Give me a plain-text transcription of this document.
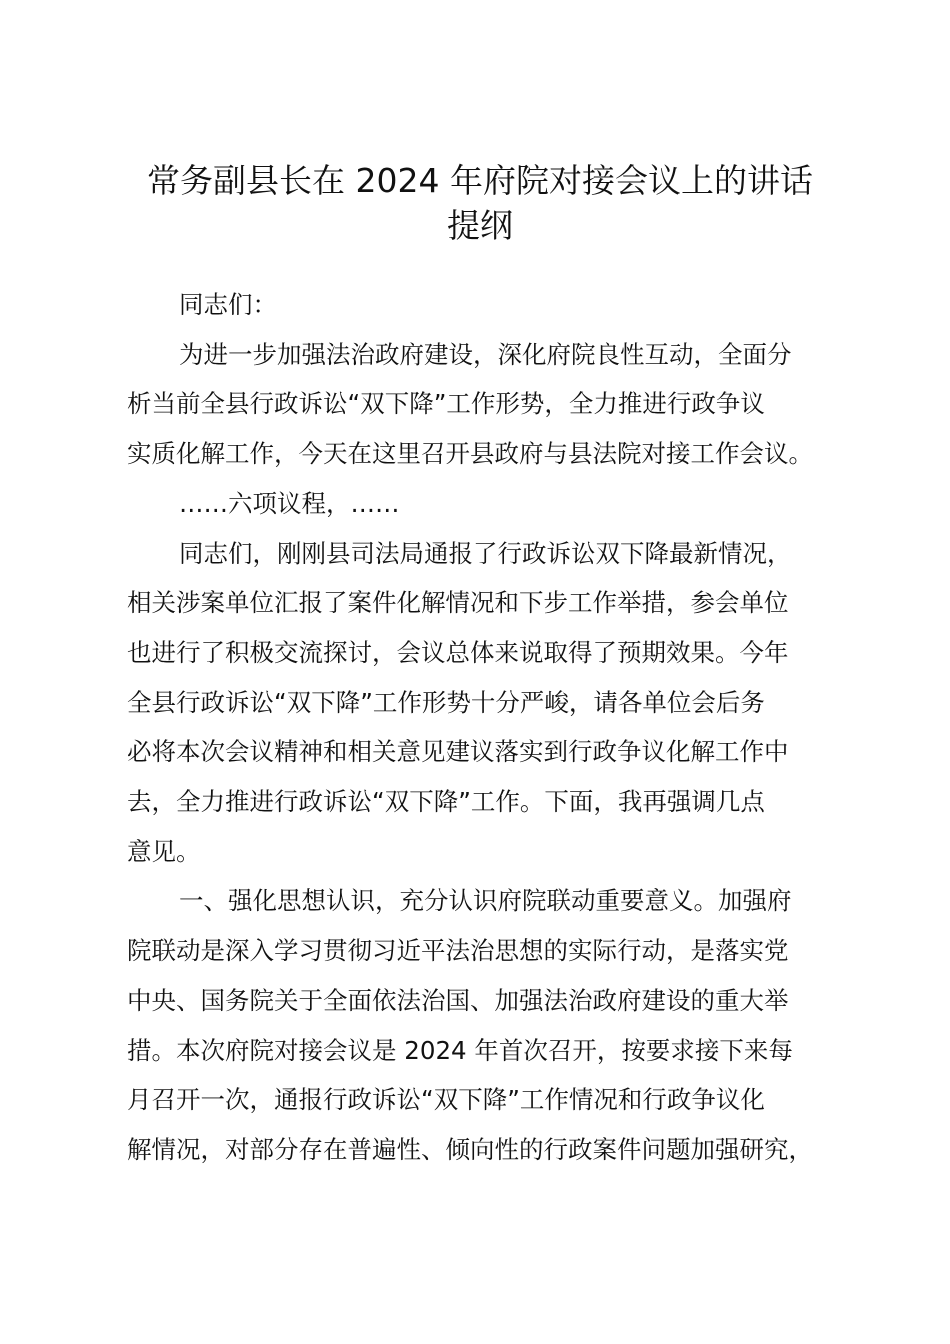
常务副县长在 2024 年府院对接会议上的讲话
提纲

同志们：

为进一步加强法治政府建设，深化府院良性互动，全面分

析当前全县行政诉讼“双下降”工作形势，全力推进行政争议

实质化解工作，今天在这里召开县政府与县法院对接工作会议。

……六项议程，……

同志们，刚刚县司法局通报了行政诉讼双下降最新情况，

相关涉案单位汇报了案件化解情况和下步工作举措，参会单位

也进行了积极交流探讨，会议总体来说取得了预期效果。今年

全县行政诉讼“双下降”工作形势十分严峻，请各单位会后务

必将本次会议精神和相关意见建议落实到行政争议化解工作中

去，全力推进行政诉讼“双下降”工作。下面，我再强调几点

意见。

一、强化思想认识，充分认识府院联动重要意义。加强府

院联动是深入学习贯彻习近平法治思想的实际行动，是落实党

中央、国务院关于全面依法治国、加强法治政府建设的重大举

措。本次府院对接会议是 2024 年首次召开，按要求接下来每

月召开一次，通报行政诉讼“双下降”工作情况和行政争议化

解情况，对部分存在普遍性、倾向性的行政案件问题加强研究，
